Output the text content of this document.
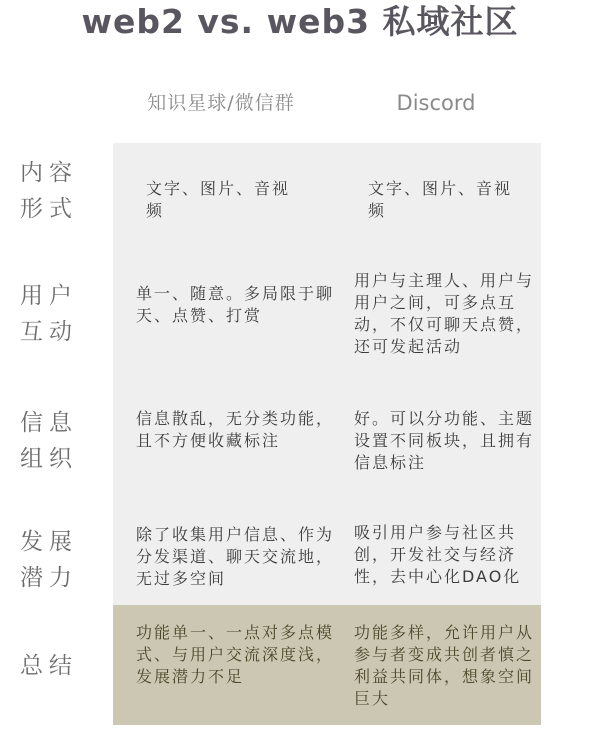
web2 vs. web3 私域社区
知识星球/微信群	Discord
内容
形式
文字、图片、音视频
文字、图片、音视频
用户
互动
单一、随意。多局限于聊天、点赞、打赏
用户与主理人、用户与用户之间，可多点互动，不仅可聊天点赞，还可发起活动
信息
组织
信息散乱，无分类功能，且不方便收藏标注
好。可以分功能、主题设置不同板块，且拥有信息标注
发展
潜力
除了收集用户信息、作为分发渠道、聊天交流地，无过多空间
吸引用户参与社区共创，开发社交与经济性，去中心化DAO化
总结
功能单一、一点对多点模式、与用户交流深度浅，发展潜力不足
功能多样，允许用户从参与者变成共创者慎之利益共同体，想象空间巨大
